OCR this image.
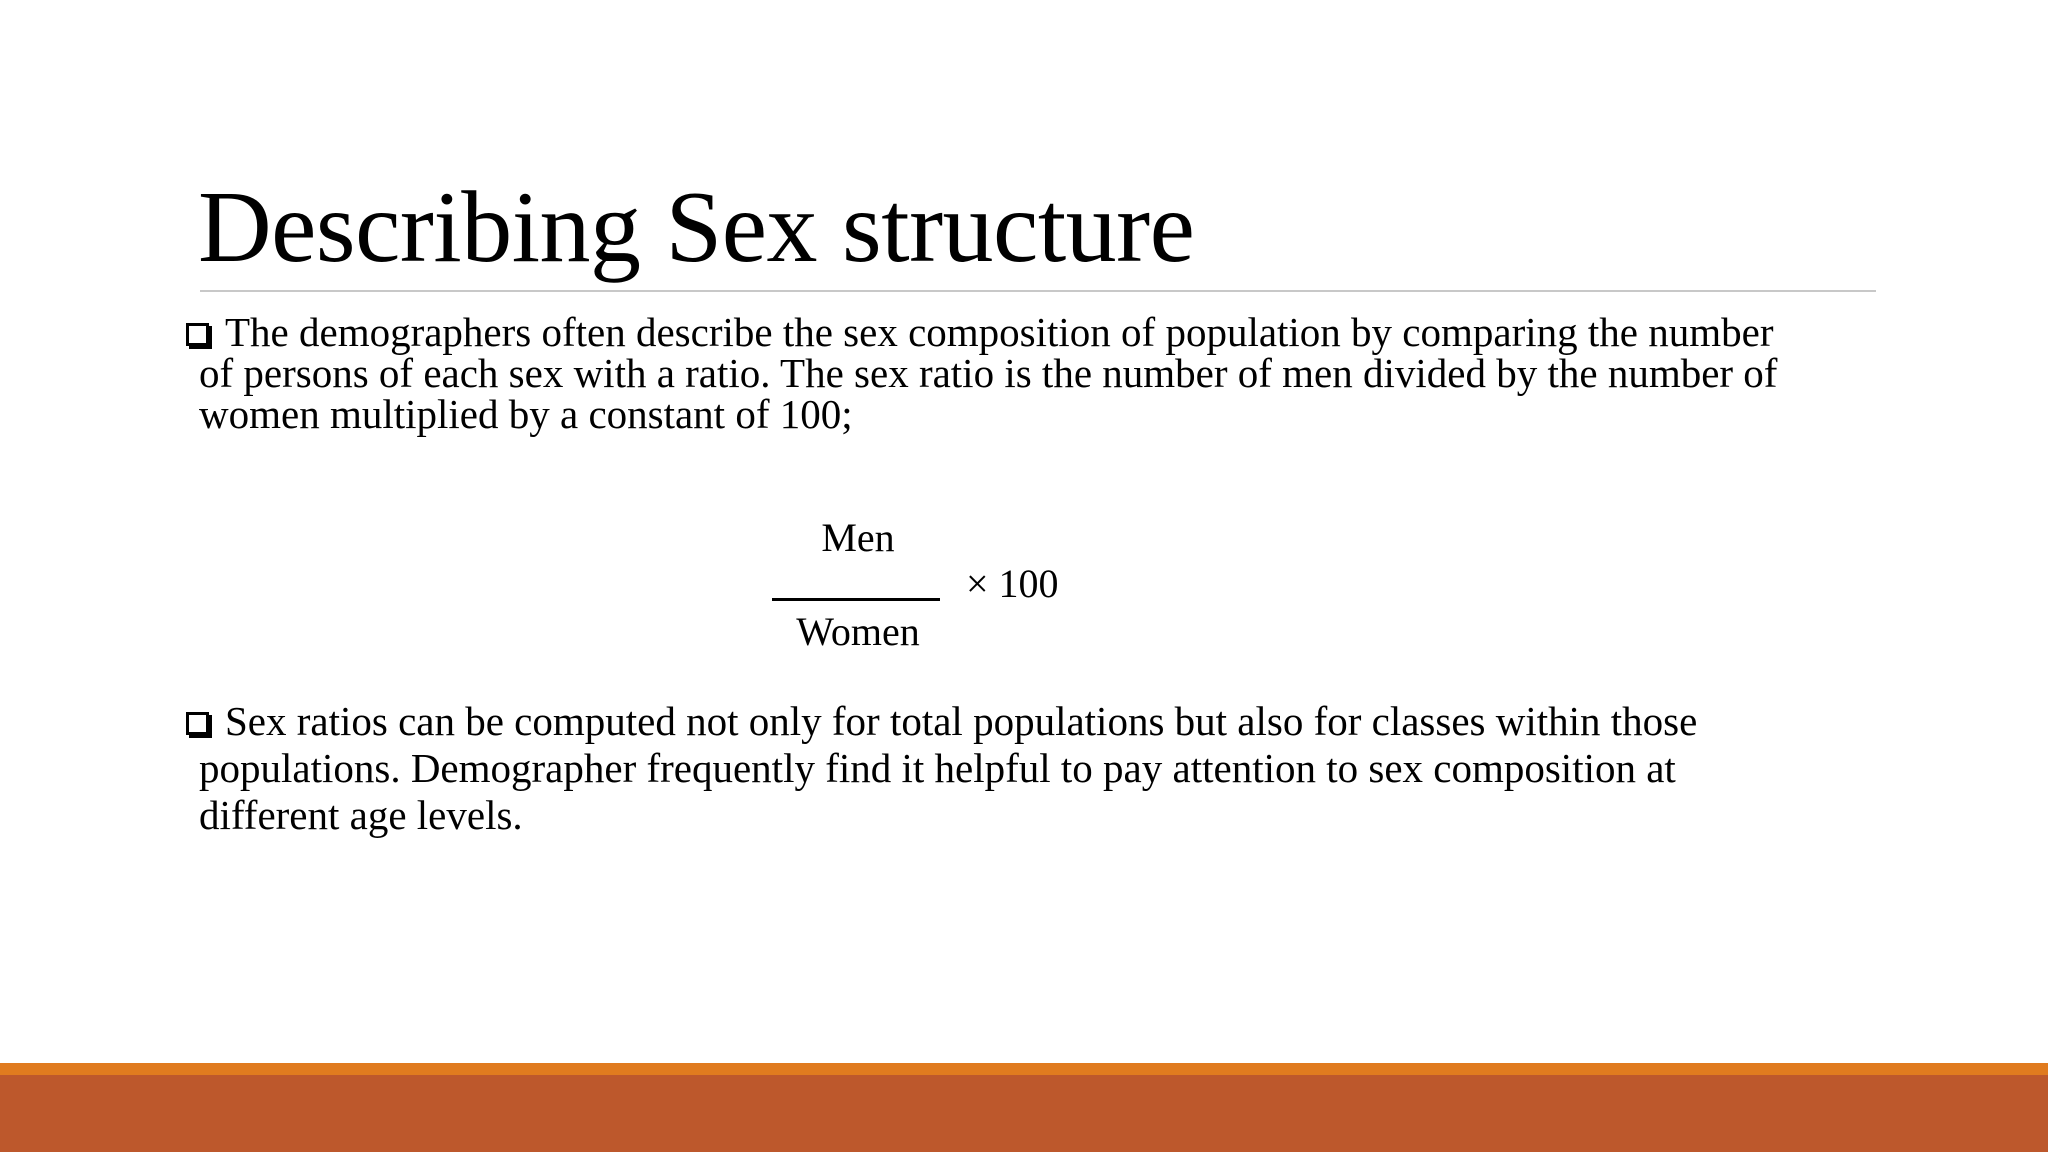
Describing Sex structure
The demographers often describe the sex composition of population by comparing the number
of persons of each sex with a ratio. The sex ratio is the number of men divided by the number of
women multiplied by a constant of 100;
Men
Women
× 100
Sex ratios can be computed not only for total populations but also for classes within those
populations. Demographer frequently find it helpful to pay attention to sex composition at
different age levels.
